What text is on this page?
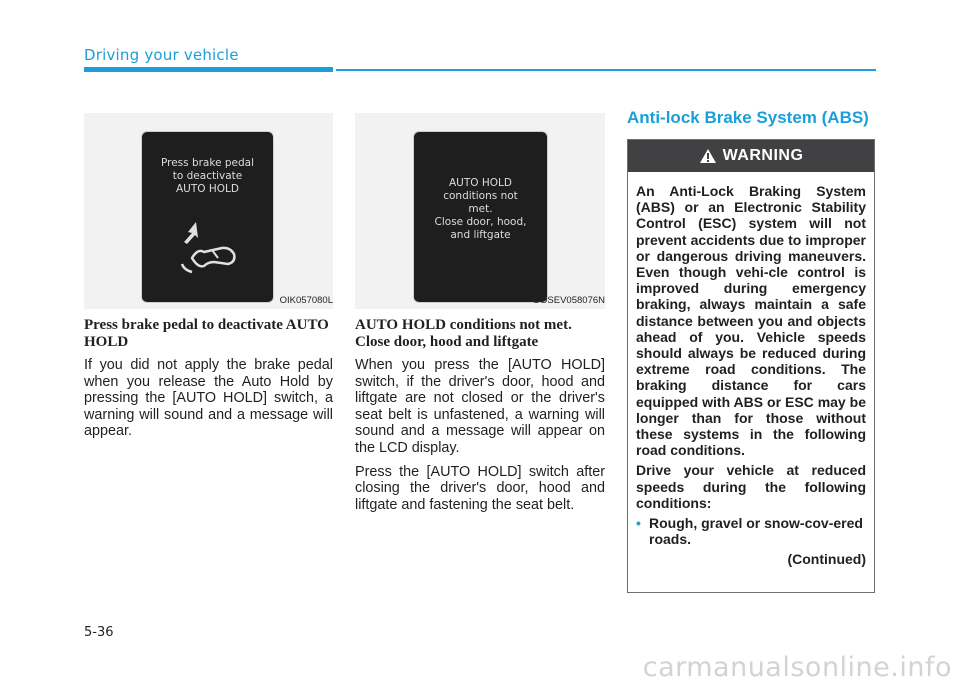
Driving your vehicle
Press brake pedal
to deactivate
AUTO HOLD
OIK057080L
AUTO HOLD
conditions not
met.
Close door, hood,
and liftgate
OOSEV058076N
Press brake pedal to deactivate AUTO HOLD

If you did not apply the brake pedal when you release the Auto Hold by pressing the [AUTO HOLD] switch, a warning will sound and a message will appear.

AUTO HOLD conditions not met. Close door, hood and liftgate

When you press the [AUTO HOLD] switch, if the driver's door, hood and liftgate are not closed or the driver's seat belt is unfastened, a warning will sound and a message will appear on the LCD display.

Press the [AUTO HOLD] switch after closing the driver's door, hood and liftgate and fastening the seat belt.

Anti-lock Brake System (ABS)
WARNING

An Anti-Lock Braking System (ABS) or an Electronic Stability Control (ESC) system will not prevent accidents due to improper or dangerous driving maneuvers. Even though vehi-cle control is improved during emergency braking, always maintain a safe distance between you and objects ahead of you. Vehicle speeds should always be reduced during extreme road conditions. The braking distance for cars equipped with ABS or ESC may be longer than for those without these systems in the following road conditions.

Drive your vehicle at reduced speeds during the following conditions:

• Rough, gravel or snow-cov-ered roads.

(Continued)

5-36
carmanualsonline.info
